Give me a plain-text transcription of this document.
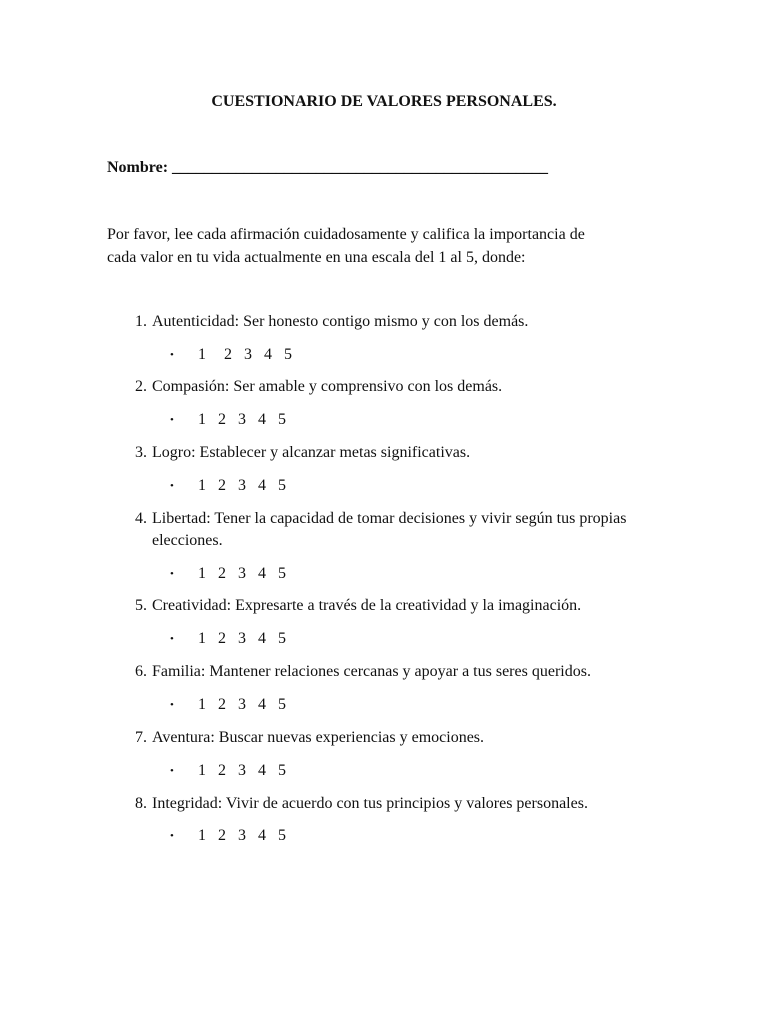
CUESTIONARIO DE VALORES PERSONALES.
Nombre: _______________________________________________
Por favor, lee cada afirmación cuidadosamente y califica la importancia de
cada valor en tu vida actualmente en una escala del 1 al 5, donde:
1. Autenticidad: Ser honesto contigo mismo y con los demás.
• 1 2 3 4 5
2. Compasión: Ser amable y comprensivo con los demás.
• 1 2 3 4 5
3. Logro: Establecer y alcanzar metas significativas.
• 1 2 3 4 5
4. Libertad: Tener la capacidad de tomar decisiones y vivir según tus propias elecciones.
• 1 2 3 4 5
5. Creatividad: Expresarte a través de la creatividad y la imaginación.
• 1 2 3 4 5
6. Familia: Mantener relaciones cercanas y apoyar a tus seres queridos.
• 1 2 3 4 5
7. Aventura: Buscar nuevas experiencias y emociones.
• 1 2 3 4 5
8. Integridad: Vivir de acuerdo con tus principios y valores personales.
• 1 2 3 4 5
